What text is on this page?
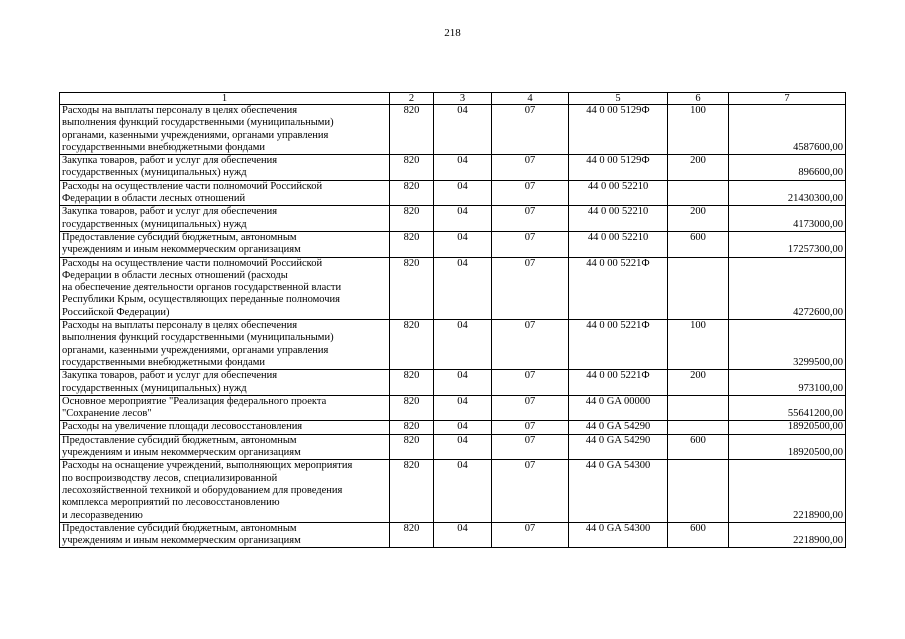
218
1	2	3	4	5	6	7
Расходы на выплаты персоналу в целях обеспечения
выполнения функций государственными (муниципальными)
органами, казенными учреждениями, органами управления
государственными внебюджетными фондами	820	04	07	44 0 00 5129Ф	100	4587600,00
Закупка товаров, работ и услуг для обеспечения
государственных (муниципальных) нужд	820	04	07	44 0 00 5129Ф	200	896600,00
Расходы на осуществление части полномочий Российской
Федерации в области лесных отношений	820	04	07	44 0 00 52210		21430300,00
Закупка товаров, работ и услуг для обеспечения
государственных (муниципальных) нужд	820	04	07	44 0 00 52210	200	4173000,00
Предоставление субсидий бюджетным, автономным
учреждениям и иным некоммерческим организациям	820	04	07	44 0 00 52210	600	17257300,00
Расходы на осуществление части полномочий Российской
Федерации в области лесных отношений (расходы
на обеспечение деятельности органов государственной власти
Республики Крым, осуществляющих переданные полномочия
Российской Федерации)	820	04	07	44 0 00 5221Ф		4272600,00
Расходы на выплаты персоналу в целях обеспечения
выполнения функций государственными (муниципальными)
органами, казенными учреждениями, органами управления
государственными внебюджетными фондами	820	04	07	44 0 00 5221Ф	100	3299500,00
Закупка товаров, работ и услуг для обеспечения
государственных (муниципальных) нужд	820	04	07	44 0 00 5221Ф	200	973100,00
Основное мероприятие "Реализация федерального проекта
"Сохранение лесов"	820	04	07	44 0 GA 00000		55641200,00
Расходы на увеличение площади лесовосстановления	820	04	07	44 0 GA 54290		18920500,00
Предоставление субсидий бюджетным, автономным
учреждениям и иным некоммерческим организациям	820	04	07	44 0 GA 54290	600	18920500,00
Расходы на оснащение учреждений, выполняющих мероприятия
по воспроизводству лесов, специализированной
лесохозяйственной техникой и оборудованием для проведения
комплекса мероприятий по лесовосстановлению
и лесоразведению	820	04	07	44 0 GA 54300		2218900,00
Предоставление субсидий бюджетным, автономным
учреждениям и иным некоммерческим организациям	820	04	07	44 0 GA 54300	600	2218900,00
